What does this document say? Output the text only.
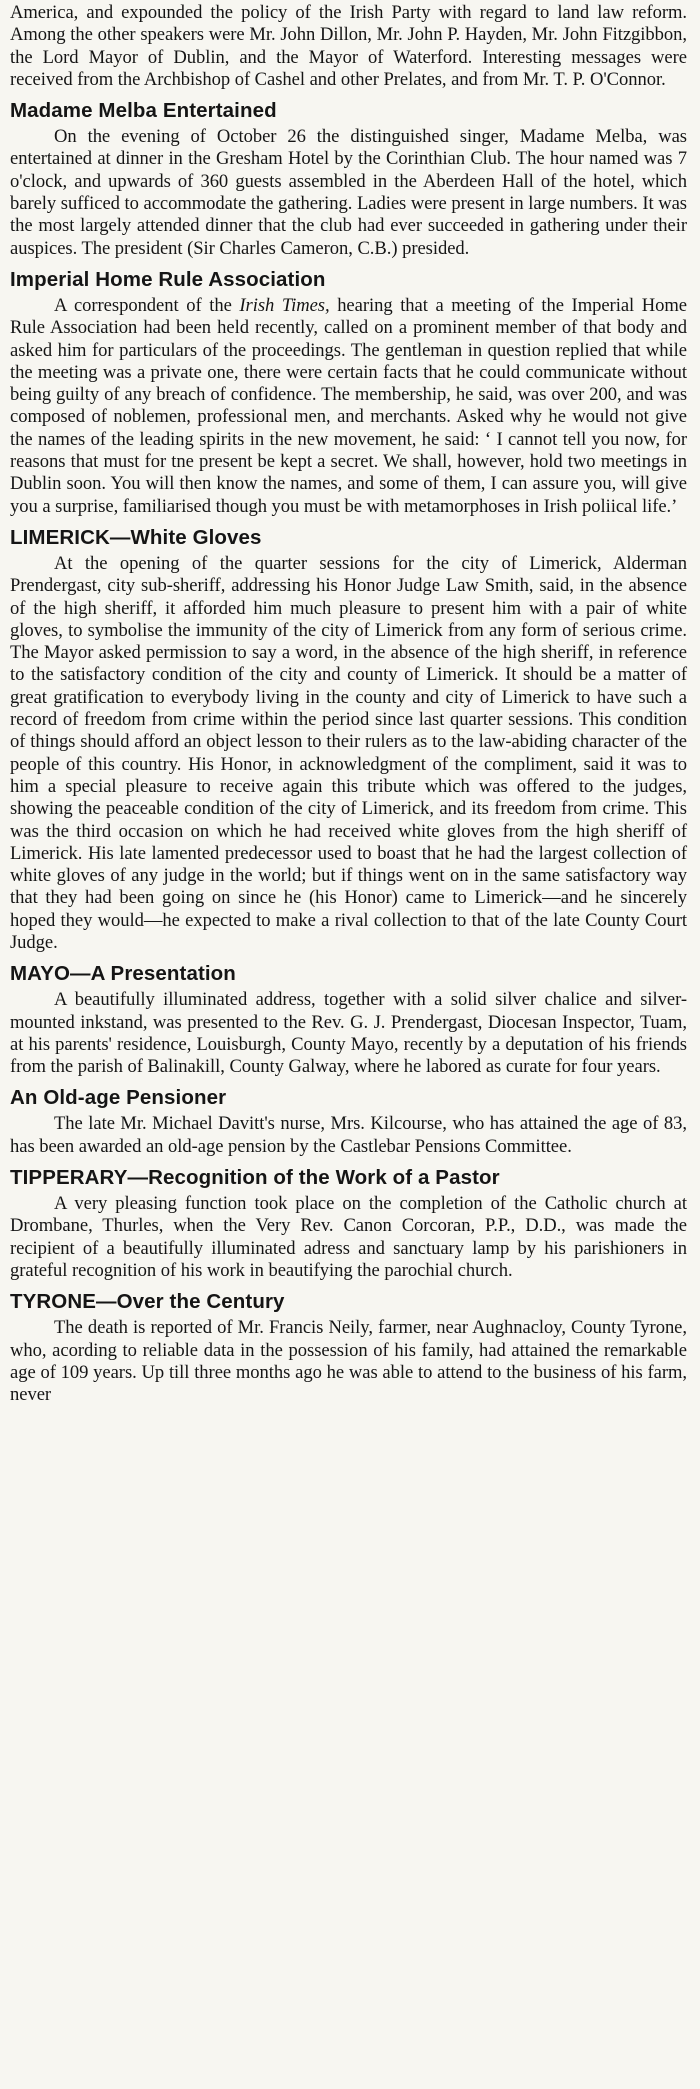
America, and expounded the policy of the Irish Party with regard to land law reform. Among the other speakers were Mr. John Dillon, Mr. John P. Hayden, Mr. John Fitzgibbon, the Lord Mayor of Dublin, and the Mayor of Waterford. Interesting messages were received from the Archbishop of Cashel and other Prelates, and from Mr. T. P. O'Connor.

Madame Melba Entertained

On the evening of October 26 the distinguished singer, Madame Melba, was entertained at dinner in the Gresham Hotel by the Corinthian Club. The hour named was 7 o'clock, and upwards of 360 guests assembled in the Aberdeen Hall of the hotel, which barely sufficed to accommodate the gathering. Ladies were present in large numbers. It was the most largely attended dinner that the club had ever succeeded in gathering under their auspices. The president (Sir Charles Cameron, C.B.) presided.

Imperial Home Rule Association

A correspondent of the Irish Times, hearing that a meeting of the Imperial Home Rule Association had been held recently, called on a prominent member of that body and asked him for particulars of the proceedings. The gentleman in question replied that while the meeting was a private one, there were certain facts that he could communicate without being guilty of any breach of confidence. The membership, he said, was over 200, and was composed of noblemen, professional men, and merchants. Asked why he would not give the names of the leading spirits in the new movement, he said: ‘ I cannot tell you now, for reasons that must for tne present be kept a secret. We shall, however, hold two meetings in Dublin soon. You will then know the names, and some of them, I can assure you, will give you a surprise, familiarised though you must be with metamorphoses in Irish poliical life.’

LIMERICK—White Gloves

At the opening of the quarter sessions for the city of Limerick, Alderman Prendergast, city sub-sheriff, addressing his Honor Judge Law Smith, said, in the absence of the high sheriff, it afforded him much pleasure to present him with a pair of white gloves, to symbolise the immunity of the city of Limerick from any form of serious crime. The Mayor asked permission to say a word, in the absence of the high sheriff, in reference to the satisfactory condition of the city and county of Limerick. It should be a matter of great gratification to everybody living in the county and city of Limerick to have such a record of freedom from crime within the period since last quarter sessions. This condition of things should afford an object lesson to their rulers as to the law-abiding character of the people of this country. His Honor, in acknowledgment of the compliment, said it was to him a special pleasure to receive again this tribute which was offered to the judges, showing the peaceable condition of the city of Limerick, and its freedom from crime. This was the third occasion on which he had received white gloves from the high sheriff of Limerick. His late lamented predecessor used to boast that he had the largest collection of white gloves of any judge in the world; but if things went on in the same satisfactory way that they had been going on since he (his Honor) came to Limerick—and he sincerely hoped they would—he expected to make a rival collection to that of the late County Court Judge.

MAYO—A Presentation

A beautifully illuminated address, together with a solid silver chalice and silver-mounted inkstand, was presented to the Rev. G. J. Prendergast, Diocesan Inspector, Tuam, at his parents' residence, Louisburgh, County Mayo, recently by a deputation of his friends from the parish of Balinakill, County Galway, where he labored as curate for four years.

An Old-age Pensioner

The late Mr. Michael Davitt's nurse, Mrs. Kilcourse, who has attained the age of 83, has been awarded an old-age pension by the Castlebar Pensions Committee.

TIPPERARY—Recognition of the Work of a Pastor

A very pleasing function took place on the completion of the Catholic church at Drombane, Thurles, when the Very Rev. Canon Corcoran, P.P., D.D., was made the recipient of a beautifully illuminated adress and sanctuary lamp by his parishioners in grateful recognition of his work in beautifying the parochial church.

TYRONE—Over the Century

The death is reported of Mr. Francis Neily, farmer, near Aughnacloy, County Tyrone, who, acording to reliable data in the possession of his family, had attained the remarkable age of 109 years. Up till three months ago he was able to attend to the business of his farm, never
